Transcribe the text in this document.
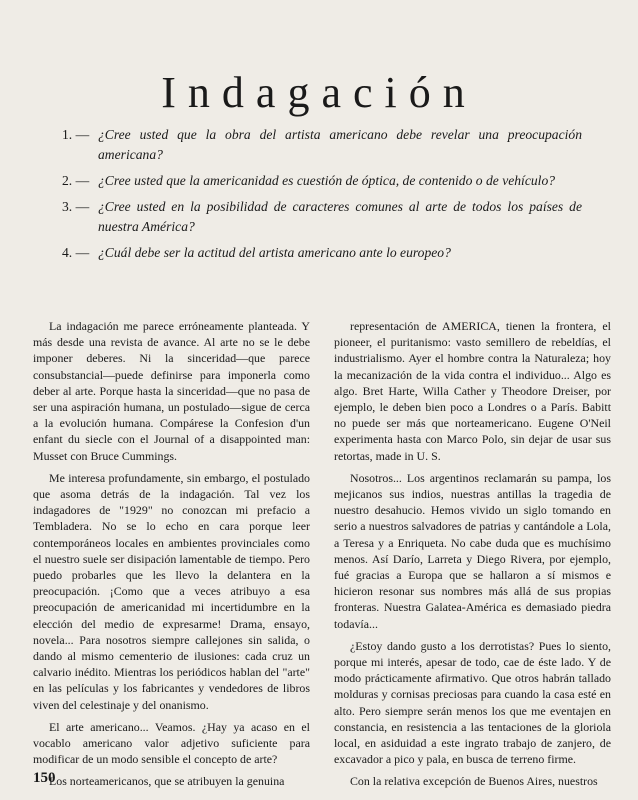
Indagación
1. — ¿Cree usted que la obra del artista americano debe revelar una preocupación americana?
2. — ¿Cree usted que la americanidad es cuestión de óptica, de contenido o de vehículo?
3. — ¿Cree usted en la posibilidad de caracteres comunes al arte de todos los países de nuestra América?
4. — ¿Cuál debe ser la actitud del artista americano ante lo europeo?

La indagación me parece erróneamente planteada. Y más desde una revista de avance. Al arte no se le debe imponer deberes. Ni la sinceridad—que parece consubstancial—puede definirse para imponerla como deber al arte. Porque hasta la sinceridad—que no pasa de ser una aspiración humana, un postulado—sigue de cerca a la evolución humana. Compárese la Confesion d'un enfant du siecle con el Journal of a disappointed man: Musset con Bruce Cummings.

Me interesa profundamente, sin embargo, el postulado que asoma detrás de la indagación. Tal vez los indagadores de "1929" no conozcan mi prefacio a Tembladera. No se lo echo en cara porque leer contemporáneos locales en ambientes provinciales como el nuestro suele ser disipación lamentable de tiempo. Pero puedo probarles que les llevo la delantera en la preocupación. ¡Como que a veces atribuyo a esa preocupación de americanidad mi incertidumbre en la elección del medio de expresarme! Drama, ensayo, novela... Para nosotros siempre callejones sin salida, o dando al mismo cementerio de ilusiones: cada cruz un calvario inédito. Mientras los periódicos hablan del "arte" en las películas y los fabricantes y vendedores de libros viven del celestinaje y del onanismo.

El arte americano... Veamos. ¿Hay ya acaso en el vocablo americano valor adjetivo suficiente para modificar de un modo sensible el concepto de arte?

Los norteamericanos, que se atribuyen la genuina

representación de AMERICA, tienen la frontera, el pioneer, el puritanismo: vasto semillero de rebeldías, el industrialismo. Ayer el hombre contra la Naturaleza; hoy la mecanización de la vida contra el individuo... Algo es algo. Bret Harte, Willa Cather y Theodore Dreiser, por ejemplo, le deben bien poco a Londres o a París. Babitt no puede ser más que norteamericano. Eugene O'Neil experimenta hasta con Marco Polo, sin dejar de usar sus retortas, made in U. S.

Nosotros... Los argentinos reclamarán su pampa, los mejicanos sus indios, nuestras antillas la tragedia de nuestro desahucio. Hemos vivido un siglo tomando en serio a nuestros salvadores de patrias y cantándole a Lola, a Teresa y a Enriqueta. No cabe duda que es muchísimo menos. Así Darío, Larreta y Diego Rivera, por ejemplo, fué gracias a Europa que se hallaron a sí mismos e hicieron resonar sus nombres más allá de sus propias fronteras. Nuestra Galatea-América es demasiado piedra todavía...

¿Estoy dando gusto a los derrotistas? Pues lo siento, porque mi interés, apesar de todo, cae de éste lado. Y de modo prácticamente afirmativo. Que otros habrán tallado molduras y cornisas preciosas para cuando la casa esté en alto. Pero siempre serán menos los que me eventajen en constancia, en resistencia a las tentaciones de la gloriola local, en asiduidad a este ingrato trabajo de zanjero, de excavador a pico y pala, en busca de terreno firme.

Con la relativa excepción de Buenos Aires, nuestros

150
